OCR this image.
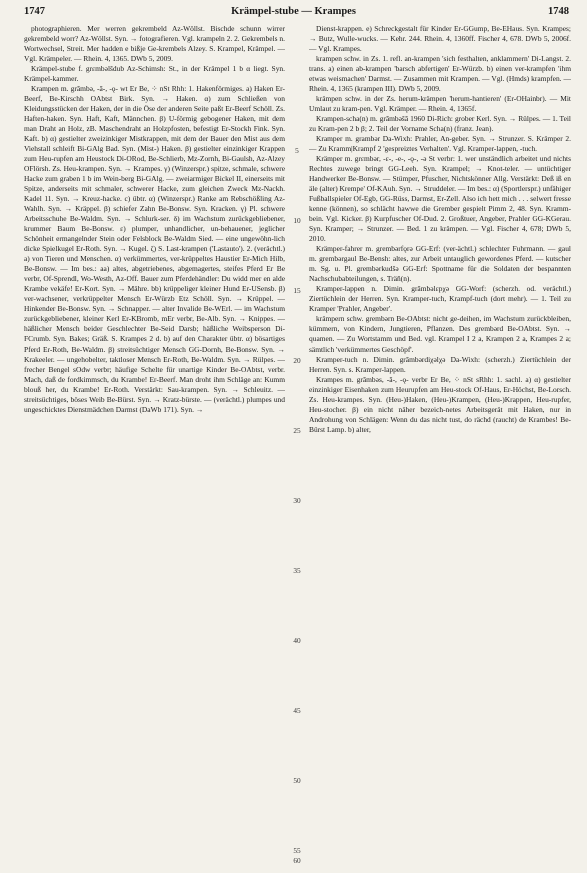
1747	Krämpel-stube — Krampes	1748

photographieren. Mer werren gekrembeld Az-Wöllst. Bischde schunn wirrer gekrembeld worr? Az-Wöllst. Syn. → fotografieren. Vgl. krampeln 2. 2. Gekrembels n. Wortwechsel, Streit. Mer hadden e bißje Ge-krembels Alzey. S. Krampel, Krämpel. — Vgl. Krämpeler. — Rhein. 4, 1365. DWb 5, 2009.

Krämpel-stube f. grεmbəlšdub Az-Schimsh: St., in der Krämpel 1 b α liegt. Syn. Krämpel-kammer.

Krampen m. grāmbə, -ā-, -ǫ- wt Er Be, ⁘ nSt Rhh: 1. Hakenförmiges. a) Haken Er-Beerf, Be-Kirschh OAbtst Birk. Syn. → Haken. α) zum Schließen von Kleidungsstücken der Haken, der in die Öse der anderen Seite paßt Er-Beerf Schöll. Zs. Haften-haken. Syn. Haft, Kaft, Männchen. β) U-förmig gebogener Haken, mit dem man Draht an Holz, zB. Maschendraht an Holzpfosten, befestigt Er-Stockh Fink. Syn. Kaft. b) α) gestielter zweizinkiger Mistkrappen, mit dem der Bauer den Mist aus dem Viehstall schleift Bi-GAlg Bad. Syn. (Mist-) Haken. β) gestielter einzinkiger Krappen zum Heu-rupfen am Heustock Di-ORod, Be-Schlierb, Mz-Zornh, Bi-Gaulsh, Az-Alzey OFlörsh. Zs. Heu-krampen. Syn. → Krampes. γ) (Winzerspr.) spitze, schmale, schwere Hacke zum graben 1 b im Wein-berg Bi-GAlg. — zweiarmiger Bickel II, einerseits mit Spitze, anderseits mit schmaler, schwerer Hacke, zum gleichen Zweck Mz-Nackh. Kadel 11. Syn. → Kreuz-hacke. c) übtr. α) (Winzerspr.) Ranke am Rebschößling Az-Wahlh. Syn. → Kräppel. β) schiefer Zahn Be-Bonsw. Syn. Kracken. γ) Pl. schwere Arbeitsschuhe Be-Waldm. Syn. → Schlurk-ser. δ) im Wachstum zurückgebliebener, krummer Baum Be-Bonsw. ε) plumper, unhandlicher, un-behauener, jeglicher Schönheit ermangelnder Stein oder Felsblock Be-Waldm Sied. — eine ungewöhn-lich dicke Spielkugel Er-Roth. Syn. → Kugel. ζ) S. Last-krampen ('Lastauto'). 2. (verächtl.) a) von Tieren und Menschen. α) verkümmertes, ver-krüppeltes Haustier Er-Mich Hilb, Be-Bonsw. — Im bes.: aa) altes, abgetriebenes, abgemagertes, steifes Pferd Er Be verbr, Of-Sprendl, Wo-Westh, Az-Off. Bauer zum Pferdehändler: Du widd mer en alde Krambe vekäfe! Er-Kort. Syn. → Mähre. bb) krüppeliger kleiner Hund Er-USensb. β) ver-wachsener, verkrüppelter Mensch Er-Würzb Etz Schöll. Syn. → Krüppel. — Hinkender Be-Bonsw. Syn. → Schnapper. — alter Invalide Be-WErl. — im Wachstum zurückgebliebener, kleiner Kerl Er-KBromb, mEr verbr, Be-Alb. Syn. → Knippes. — häßlicher Mensch beider Geschlechter Be-Seid Darsb; häßliche Weibsperson Di-FCrumb. Syn. Bakes; Gräß. S. Krampes 2 d. b) auf den Charakter übtr. α) bösartiges Pferd Er-Roth, Be-Waldm. β) streitsüchtiger Mensch GG-Dornh, Be-Bonsw. Syn. → Krakeeler. — ungehobelter, taktloser Mensch Er-Roth, Be-Waldm. Syn. → Rülpes. — frecher Bengel sOdw verbr; häufige Schelte für unartige Kinder Be-OAbtst, verbr. Mach, daß de fordkimmsch, du Krambe! Er-Beerf. Man droht ihm Schläge an: Kumm blouß her, du Krambe! Er-Roth. Verstärkt: Sau-krampen. Syn. → Schleuitz. — streitsüchtiges, böses Weib Be-Bürst. Syn. → Kratz-bürste. — (verächtl.) plumpes und ungeschicktes Dienstmädchen Darmst (DaWb 171). Syn. →

5
10
15
20
25
30
35
40
45
50
55
60

Dienst-krappen. e) Schreckgestalt für Kinder Er-GGump, Be-EHaus. Syn. Krampes; → Butz, Wulle-wucks. — Kehr. 244. Rhein. 4, 1360ff. Fischer 4, 678. DWb 5, 2006f. — Vgl. Krampes.

krampen schw. in Zs. 1. refl. an-krampen 'sich festhalten, anklammern' Di-Langst. 2. trans. a) einen ab-krampen 'barsch abfertigen' Er-Würzb. b) einen ver-krampfen 'ihm etwas weismachen' Darmst. — Zusammen mit Krampen. — Vgl. (Hmds) krampfen. — Rhein. 4, 1365 (krampen III). DWb 5, 2009.

krämpen schw. in der Zs. herum-krämpen 'herum-hantieren' (Er-OHainbr). — Mit Umlaut zu kram-pen. Vgl. Krämper. — Rhein. 4, 1365f.

Krampen-scha(n) m. grāmbəšā 1960 Di-Rich: grober Kerl. Syn. → Rülpes. — 1. Teil zu Kram-pen 2 b β; 2. Teil der Vorname Scha(n) (franz. Jean).

Kramper m. grambər Da-Wixh: Prahler, An-geber. Syn. → Strunzer. S. Krämper 2. — Zu Kramm|Krampf 2 'gespreiztes Verhalten'. Vgl. Kramper-lappen, -tuch.

Krämper m. grεmbər, -ε-, -e-, -ǫ-, -ə St verbr: 1. wer unständlich arbeitet und nichts Rechtes zuwege bringt GG-Leeh. Syn. Krampel; → Knot-teler. — untüchtiger Handwerker Be-Bonsw. — Stümper, Pfuscher, Nichtskönner Allg. Verstärkt: Deß iß en äle (alter) Krempe' Of-KAuh. Syn. → Struddeler. — Im bes.: α) (Sportlerspr.) unfähiger Fußballspieler Of-Egb, GG-Rüss, Darmst, Er-Zell. Also ich hett mich . . . selwert fresse kenne (können), so schlächt hawwe die Grember gespielt Pimm 2, 48. Syn. Kramm-bein. Vgl. Kicker. β) Kurpfuscher Of-Dud. 2. Großtuer, Angeber, Prahler GG-KGerau. Syn. Kramper; → Strunzer. — Bed. 1 zu krämpen. — Vgl. Fischer 4, 678; DWb 5, 2010.

Krämper-fahrer m. grembərfǫrə GG-Erf: (ver-ächtl.) schlechter Fuhrmann. — gaul m. grembərgaul Be-Bensh: altes, zur Arbeit untauglich gewordenes Pferd. — kutscher m. Sg. u. Pl. grembərkudšə GG-Erf: Spottname für die Soldaten der bespannten Nachschubabteilungen, s. Träñ(n).

Kramper-lappen n. Dimin. grāmbəlεpχə GG-Worf: (scherzh. od. verächtl.) Ziertüchlein der Herren. Syn. Kramper-tuch, Krampf-tuch (dort mehr). — 1. Teil zu Kramper 'Prahler, Angeber'.

krämpern schw. grembərn Be-OAbtst: nicht ge-deihen, im Wachstum zurückbleiben, kümmern, von Kindern, Jungtieren, Pflanzen. Des grembərd Be-OAbtst. Syn. → quamen. — Zu Wortstamm und Bed. vgl. Krampel I 2 a, Krampen 2 a, Krampes 2 a; sämtlich 'verkümmertes Geschöpf'.

Kramper-tuch n. Dimin. grāmbərdiχəlχə Da-Wixh: (scherzh.) Ziertüchlein der Herren. Syn. s. Kramper-lappen.

Krampes m. grāmbəs, -ā-, -ǫ- verbr Er Be, ⁘ nSt sRhh: 1. sachl. a) α) gestielter einzinkiger Eisenhaken zum Heurupfen am Heu-stock Of-Haus, Er-Höchst, Be-Lorsch. Zs. Heu-krampes. Syn. (Heu-)Haken, (Heu-)Krampen, (Heu-)Krappen, Heu-rupfer, Heu-stocher. β) ein nicht näher bezeich-netes Arbeitsgerät mit Haken, nur in Androhung von Schlägen: Wenn du das nicht tust, do rächd (raucht) de Krambes! Be-Bürst Lamp. b) alter,
